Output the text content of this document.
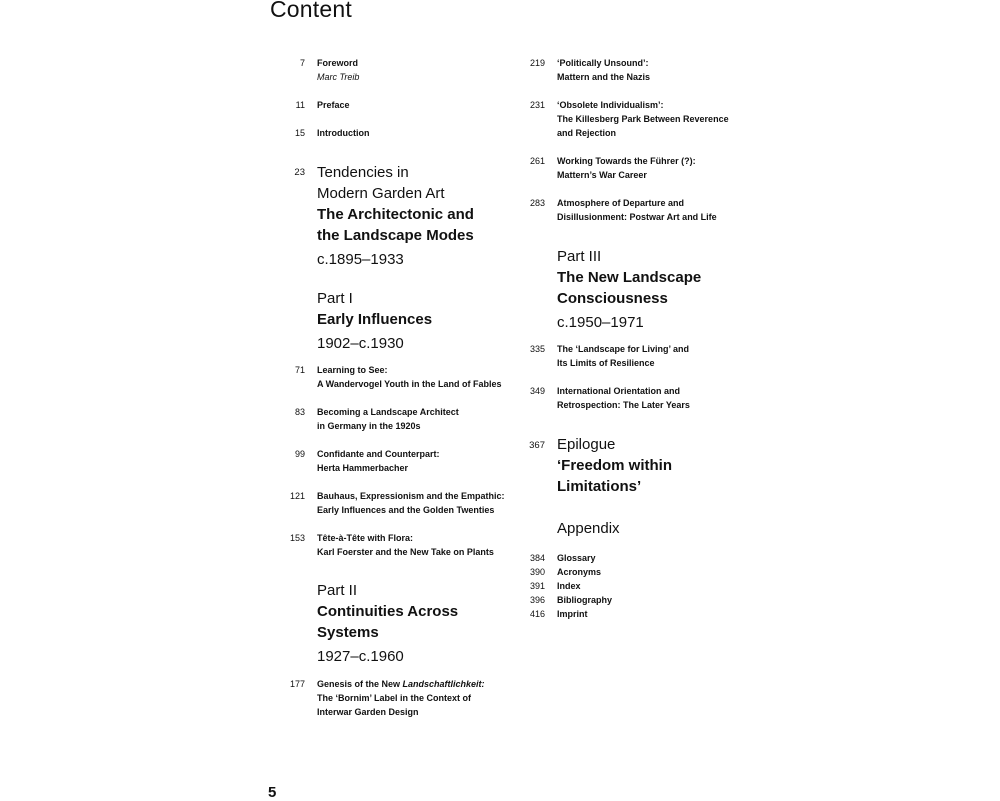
Content
7 Foreword
Marc Treib
11 Preface
15 Introduction
23 Tendencies in
Modern Garden Art
The Architectonic and
the Landscape Modes
c.1895–1933
Part I
Early Influences
1902–c.1930
71 Learning to See:
A Wandervogel Youth in the Land of Fables
83 Becoming a Landscape Architect
in Germany in the 1920s
99 Confidante and Counterpart:
Herta Hammerbacher
121 Bauhaus, Expressionism and the Empathic:
Early Influences and the Golden Twenties
153 Tête-à-Tête with Flora:
Karl Foerster and the New Take on Plants
Part II
Continuities Across
Systems
1927–c.1960
177 Genesis of the New Landschaftlichkeit:
The ‘Bornim’ Label in the Context of
Interwar Garden Design
219 ‘Politically Unsound’:
Mattern and the Nazis
231 ‘Obsolete Individualism’:
The Killesberg Park Between Reverence
and Rejection
261 Working Towards the Führer (?):
Mattern’s War Career
283 Atmosphere of Departure and
Disillusionment: Postwar Art and Life
Part III
The New Landscape
Consciousness
c.1950–1971
335 The ‘Landscape for Living’ and
Its Limits of Resilience
349 International Orientation and
Retrospection: The Later Years
367 Epilogue
‘Freedom within
Limitations’
Appendix
384 Glossary
390 Acronyms
391 Index
396 Bibliography
416 Imprint
5
